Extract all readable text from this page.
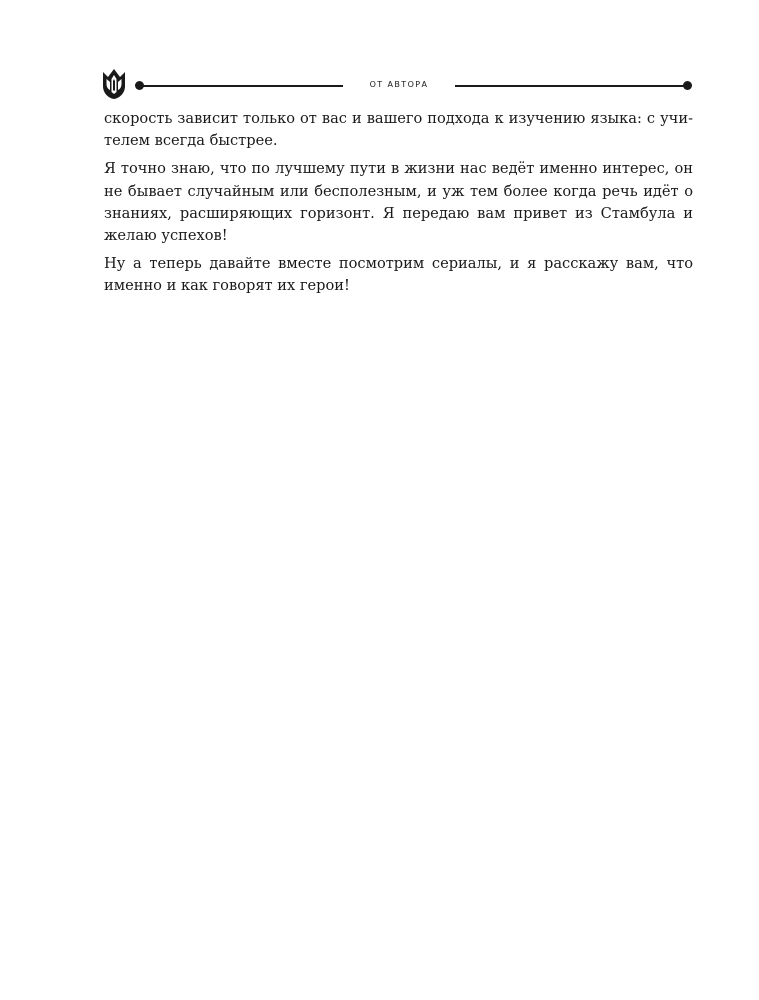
ОТ АВТОРА

скорость зависит только от вас и вашего подхода к изучению языка: с учителем всегда быстрее.

Я точно знаю, что по лучшему пути в жизни нас ведёт именно интерес, он не бывает случайным или бесполезным, и уж тем более когда речь идёт о знаниях, расширяющих горизонт. Я передаю вам привет из Стамбула и желаю успехов!

Ну а теперь давайте вместе посмотрим сериалы, и я расскажу вам, что именно и как говорят их герои!
